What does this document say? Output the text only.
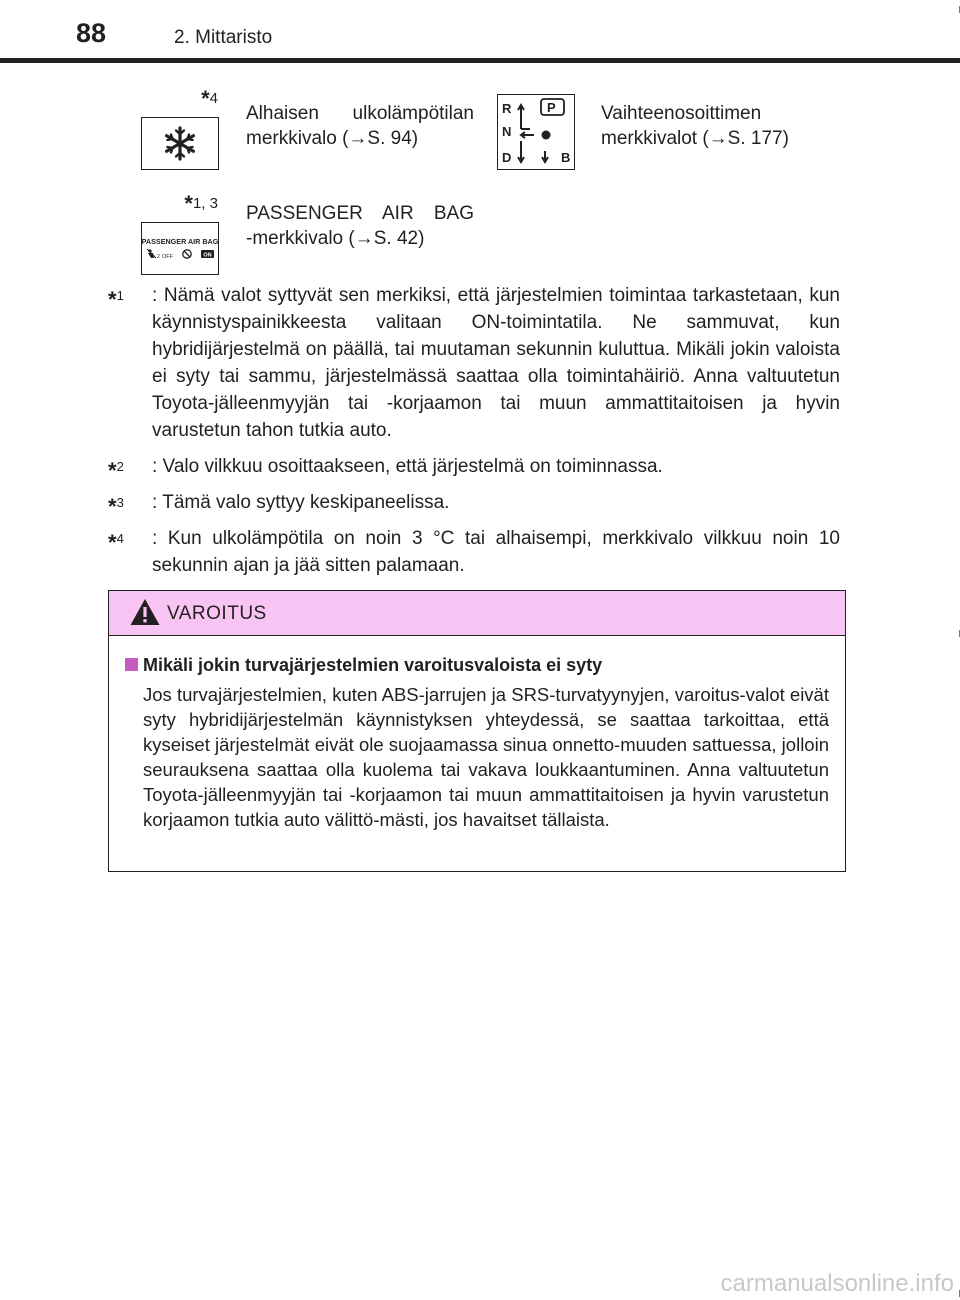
88	2. Mittaristo
*4
Alhaisen ulkolämpötilan
merkkivalo (→S. 94)
R
N
D
P
B
Vaihteenosoittimen
merkkivalot (→S. 177)
*1, 3
PASSENGER AIR BAG
2 OFF	ON
PASSENGER AIR BAG
-merkkivalo (→S. 42)
*$^1$ : Nämä valot syttyvät sen merkiksi, että järjestelmien toimintaa tarkastetaan, kun käynnistyspainikkeesta valitaan ON-toimintatila. Ne sammuvat, kun hybridijärjestelmä on päällä, tai muutaman sekunnin kuluttua. Mikäli jokin valoista ei syty tai sammu, järjestelmässä saattaa olla toimintahäiriö. Anna valtuutetun Toyota-jälleenmyyjän tai -korjaamon tai muun ammattitaitoisen ja hyvin varustetun tahon tutkia auto.
*$^2$ : Valo vilkkuu osoittaakseen, että järjestelmä on toiminnassa.
*$^3$ : Tämä valo syttyy keskipaneelissa.
*$^4$ : Kun ulkolämpötila on noin 3 °C tai alhaisempi, merkkivalo vilkkuu noin 10 sekunnin ajan ja jää sitten palamaan.
VAROITUS
Mikäli jokin turvajärjestelmien varoitusvaloista ei syty
Jos turvajärjestelmien, kuten ABS-jarrujen ja SRS-turvatyynyjen, varoitus-valot eivät syty hybridijärjestelmän käynnistyksen yhteydessä, se saattaa tarkoittaa, että kyseiset järjestelmät eivät ole suojaamassa sinua onnetto-muuden sattuessa, jolloin seurauksena saattaa olla kuolema tai vakava loukkaantuminen. Anna valtuutetun Toyota-jälleenmyyjän tai -korjaamon tai muun ammattitaitoisen ja hyvin varustetun korjaamon tutkia auto välittö-mästi, jos havaitset tällaista.
carmanualsonline.info
